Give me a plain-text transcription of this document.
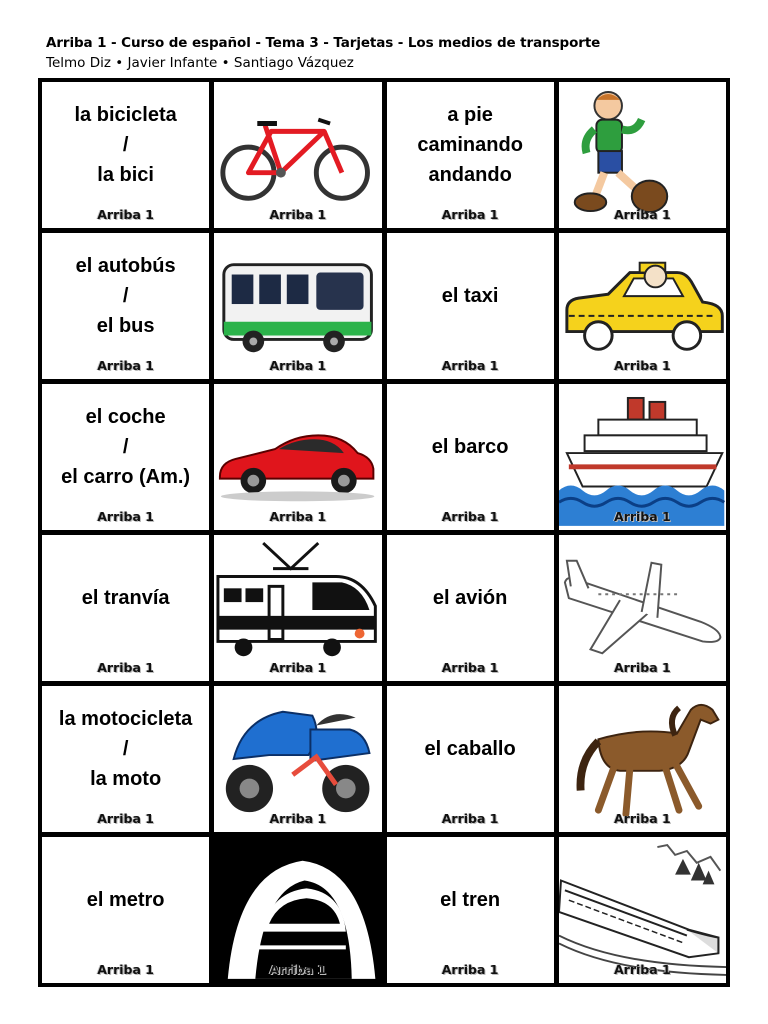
Arriba 1 - Curso de español - Tema 3 - Tarjetas - Los medios de transporte
Telmo Diz • Javier Infante • Santiago Vázquez
la bicicleta
/
la bici
Arriba 1	Arriba 1
a pie
caminando
andando
Arriba 1	Arriba 1
el autobús
/
el bus
Arriba 1	Arriba 1
el taxi
Arriba 1	Arriba 1
el coche
/
el carro (Am.)
Arriba 1	Arriba 1
el barco
Arriba 1	Arriba 1
el tranvía
Arriba 1	Arriba 1
el avión
Arriba 1	Arriba 1
la motocicleta
/
la moto
Arriba 1	Arriba 1
el caballo
Arriba 1	Arriba 1
el metro
Arriba 1	Arriba 1
el tren
Arriba 1	Arriba 1
